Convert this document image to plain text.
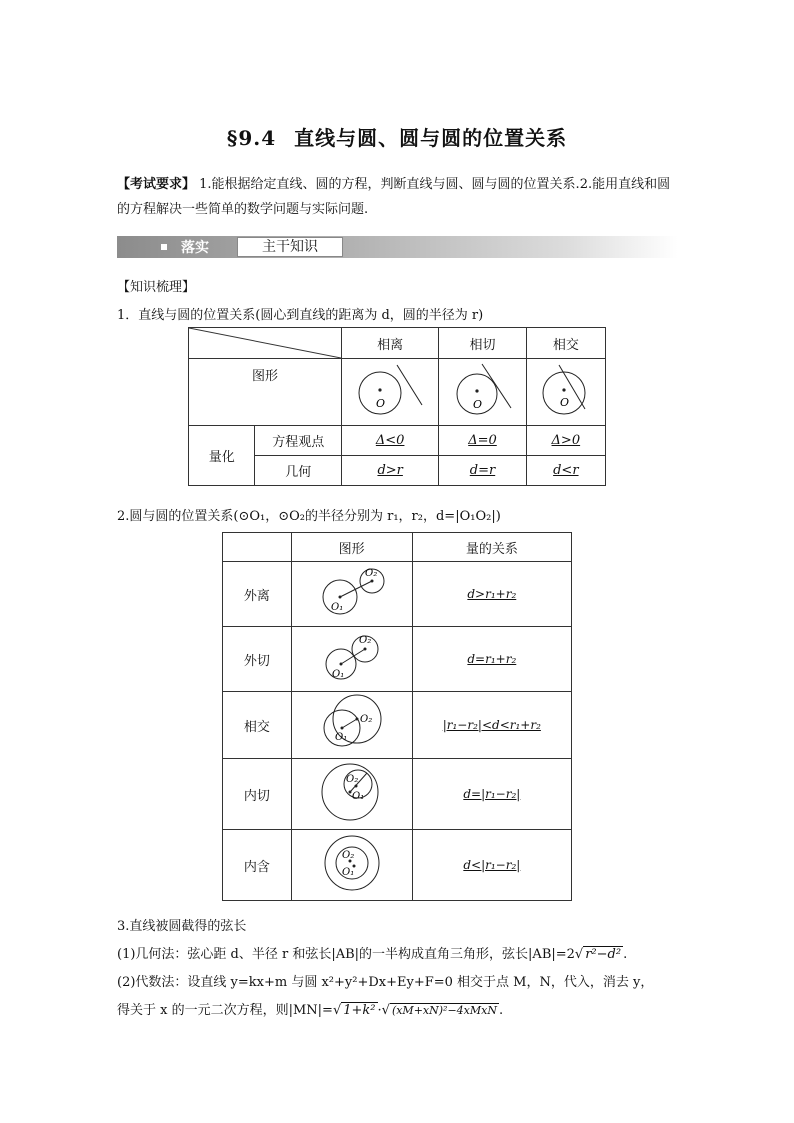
§9.4 直线与圆、圆与圆的位置关系
【考试要求】 1.能根据给定直线、圆的方程，判断直线与圆、圆与圆的位置关系.2.能用直线和圆的方程解决一些简单的数学问题与实际问题.
落实	主干知识
【知识梳理】
1．直线与圆的位置关系(圆心到直线的距离为 d，圆的半径为 r)
	相离	相切	相交
图形		O	O	O

量化	方程观点	Δ<0	Δ=0	Δ>0
	几何	d>r	d=r	d<r
2.圆与圆的位置关系(⊙O₁，⊙O₂的半径分别为 r₁，r₂，d=|O₁O₂|)
	图形	量的关系
外离	O₁
O₂	d>r₁+r₂
外切	O₁
O₂	d=r₁+r₂
相交	O₁
O₂	|r₁−r₂|<d<r₁+r₂
内切	O₂
O₁	d=|r₁−r₂|
内含	O₂
O₁	d<|r₁−r₂|
3.直线被圆截得的弦长
(1)几何法：弦心距 d、半径 r 和弦长|AB|的一半构成直角三角形，弦长|AB|=2√ r²−d² .
(2)代数法：设直线 y=kx+m 与圆 x²+y²+Dx+Ey+F=0 相交于点 M，N，代入，消去 y，
得关于 x 的一元二次方程，则|MN|=√ 1+k² ·√ (xM+xN)²−4xMxN .
